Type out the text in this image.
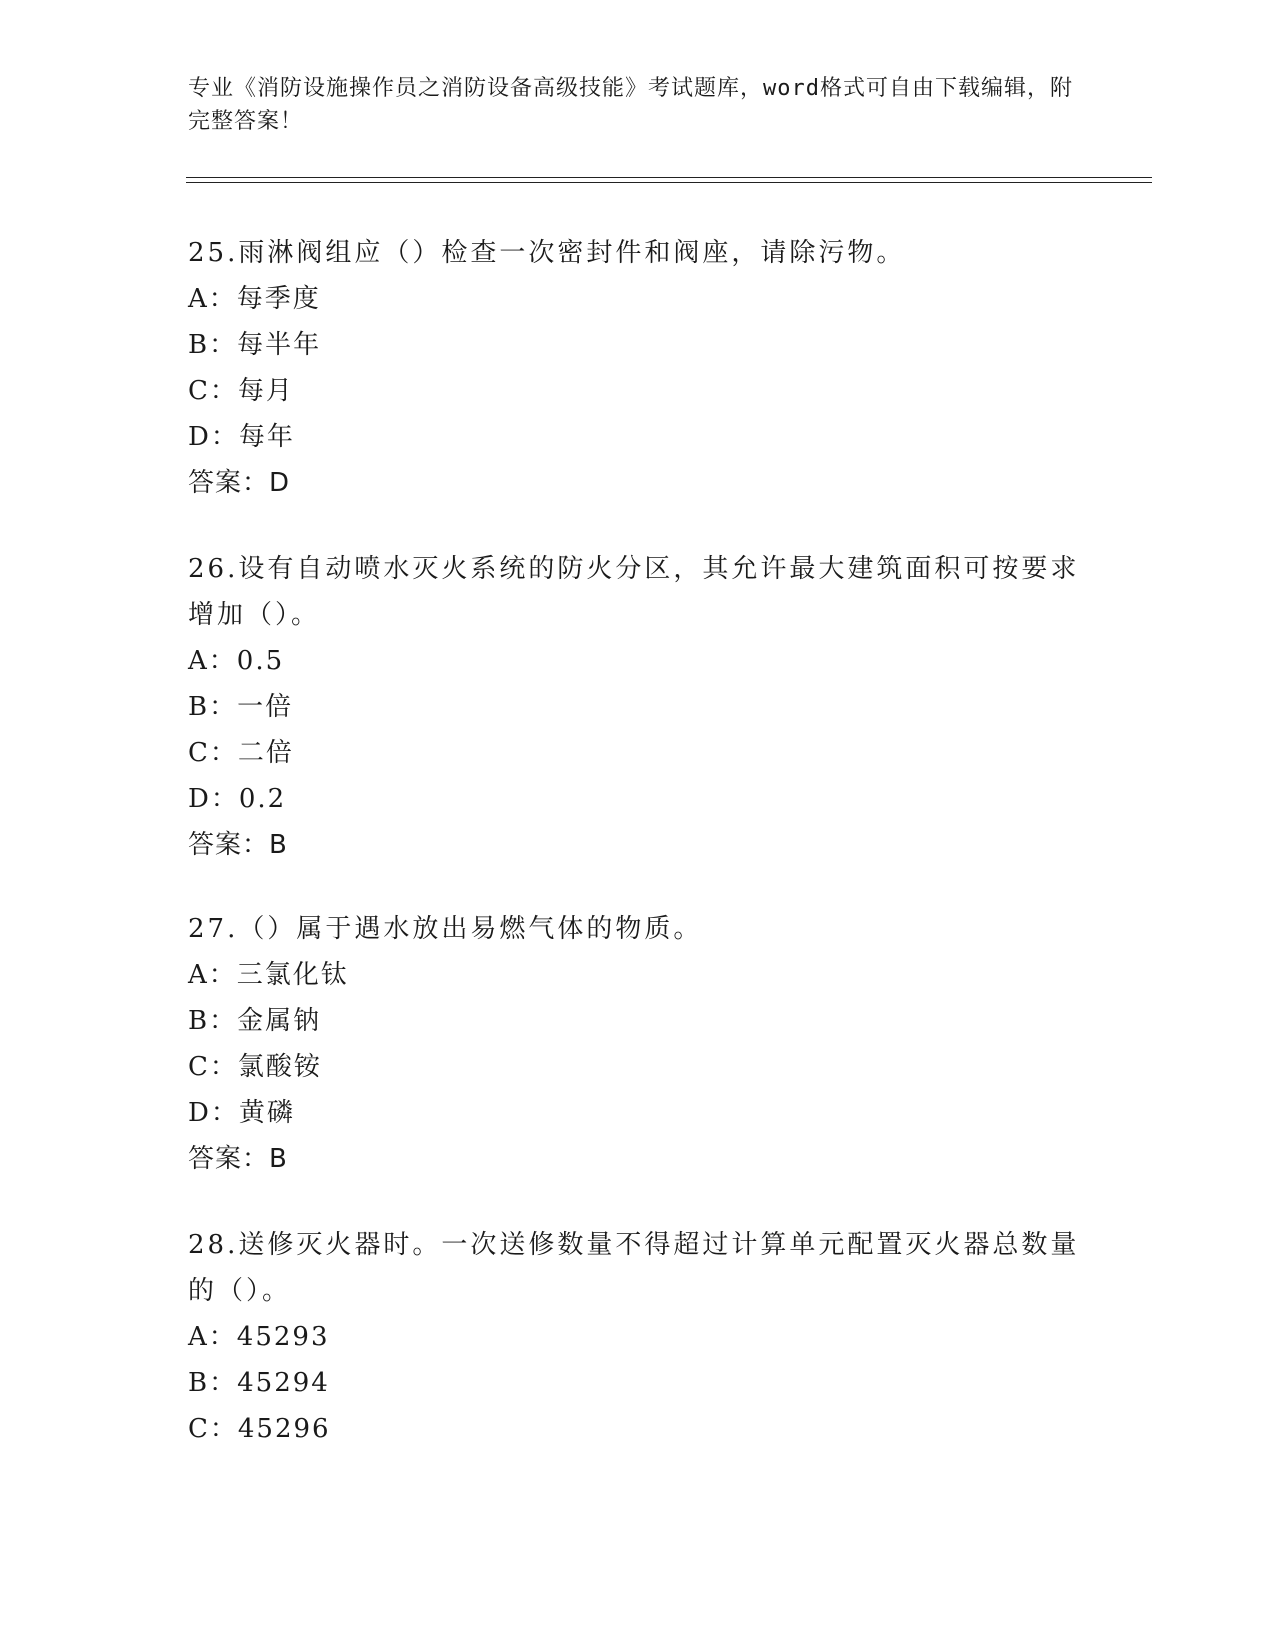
专业《消防设施操作员之消防设备高级技能》考试题库，word格式可自由下载编辑，附完整答案！

25.雨淋阀组应（）检查一次密封件和阀座，请除污物。

A：每季度

B：每半年

C：每月

D：每年

答案：D

26.设有自动喷水灭火系统的防火分区，其允许最大建筑面积可按要求增加（）。

A：0.5

B：一倍

C：二倍

D：0.2

答案：B

27.（）属于遇水放出易燃气体的物质。

A：三氯化钛

B：金属钠

C：氯酸铵

D：黄磷

答案：B

28.送修灭火器时。一次送修数量不得超过计算单元配置灭火器总数量的（）。

A：45293

B：45294

C：45296
